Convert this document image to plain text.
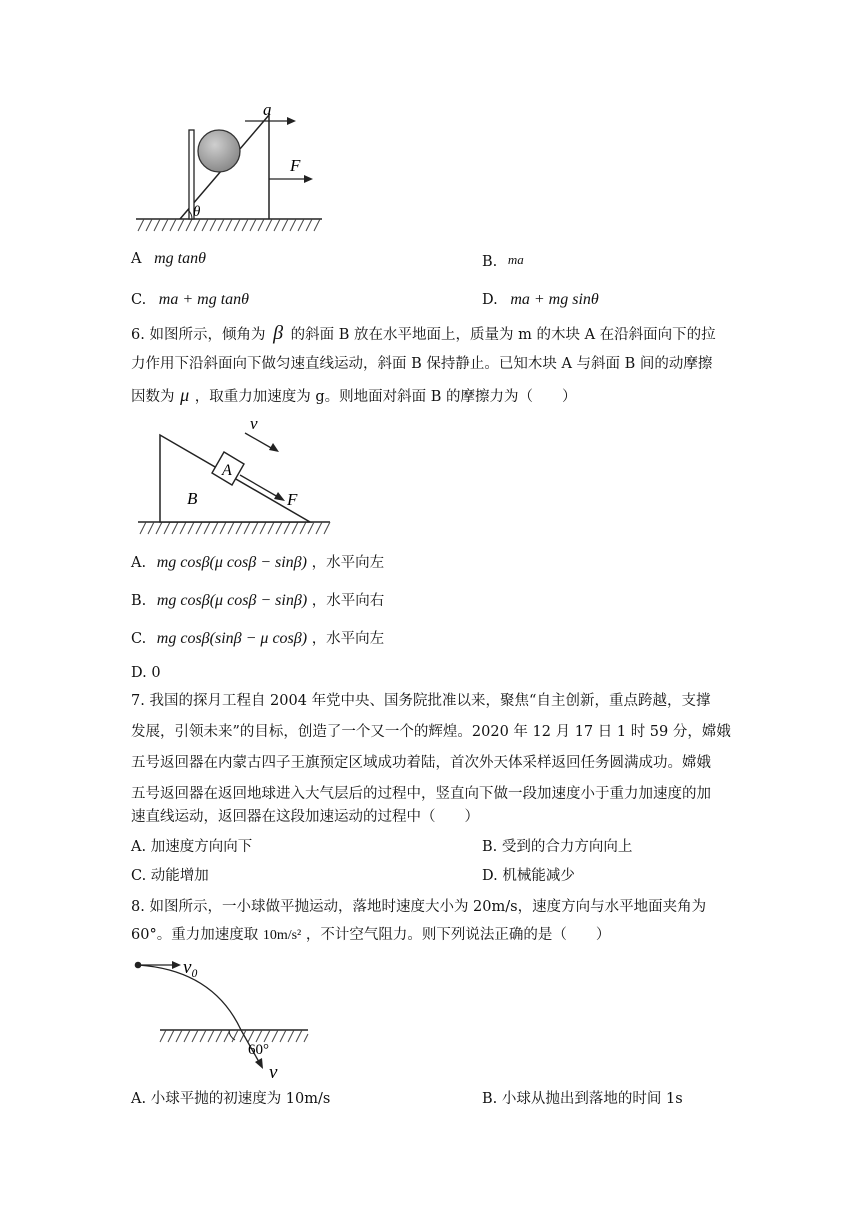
θ
a
F
A mg tanθ	B. ma
C. ma + mg tanθ	D. ma + mg sinθ
6. 如图所示，倾角为 β 的斜面 B 放在水平地面上，质量为 m 的木块 A 在沿斜面向下的拉
力作用下沿斜面向下做匀速直线运动，斜面 B 保持静止。已知木块 A 与斜面 B 间的动摩擦
因数为 μ ，取重力加速度为 g。则地面对斜面 B 的摩擦力为（　　）
A
B
v
F
A. mg cosβ(μ cosβ − sinβ) ，水平向左
B. mg cosβ(μ cosβ − sinβ) ，水平向右
C. mg cosβ(sinβ − μ cosβ) ，水平向左
D. 0
7. 我国的探月工程自 2004 年党中央、国务院批准以来，聚焦“自主创新，重点跨越，支撑
发展，引领未来”的目标，创造了一个又一个的辉煌。2020 年 12 月 17 日 1 时 59 分，嫦娥
五号返回器在内蒙古四子王旗预定区域成功着陆，首次外天体采样返回任务圆满成功。嫦娥
五号返回器在返回地球进入大气层后的过程中，竖直向下做一段加速度小于重力加速度的加
速直线运动，返回器在这段加速运动的过程中（　　）
A. 加速度方向向下	B. 受到的合力方向向上
C. 动能增加	D. 机械能减少
8. 如图所示，一小球做平抛运动，落地时速度大小为 20m/s，速度方向与水平地面夹角为
60°。重力加速度取 10m/s² ，不计空气阻力。则下列说法正确的是（　　）
v₀
60°
v
A. 小球平抛的初速度为 10m/s	B. 小球从抛出到落地的时间 1s
